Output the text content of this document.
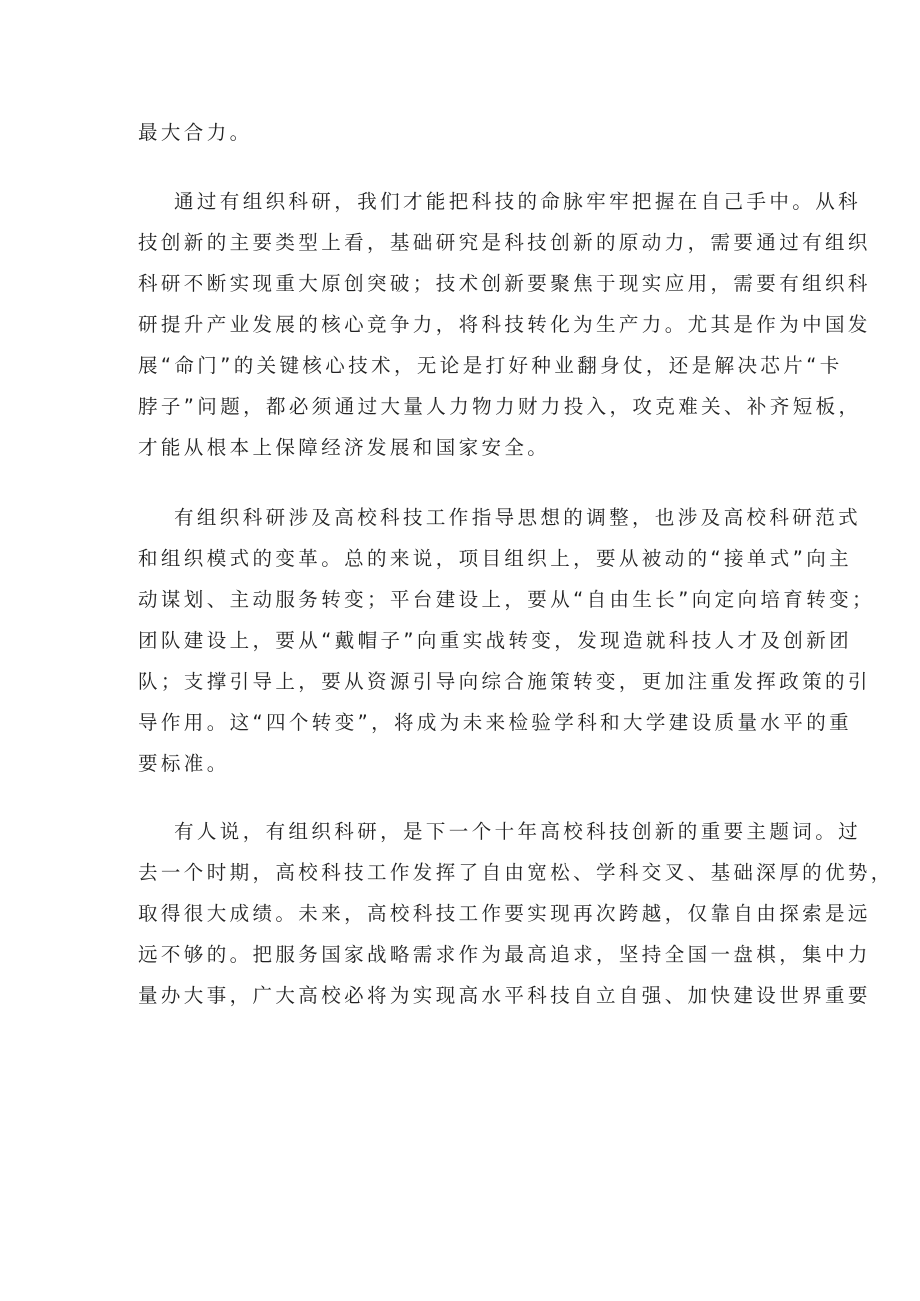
最大合力。
通过有组织科研，我们才能把科技的命脉牢牢把握在自己手中。从科
技创新的主要类型上看，基础研究是科技创新的原动力，需要通过有组织
科研不断实现重大原创突破；技术创新要聚焦于现实应用，需要有组织科
研提升产业发展的核心竞争力，将科技转化为生产力。尤其是作为中国发
展“命门”的关键核心技术，无论是打好种业翻身仗，还是解决芯片“卡
脖子”问题，都必须通过大量人力物力财力投入，攻克难关、补齐短板，
才能从根本上保障经济发展和国家安全。
有组织科研涉及高校科技工作指导思想的调整，也涉及高校科研范式
和组织模式的变革。总的来说，项目组织上，要从被动的“接单式”向主
动谋划、主动服务转变；平台建设上，要从“自由生长”向定向培育转变；
团队建设上，要从“戴帽子”向重实战转变，发现造就科技人才及创新团
队；支撑引导上，要从资源引导向综合施策转变，更加注重发挥政策的引
导作用。这“四个转变”，将成为未来检验学科和大学建设质量水平的重
要标准。
有人说，有组织科研，是下一个十年高校科技创新的重要主题词。过
去一个时期，高校科技工作发挥了自由宽松、学科交叉、基础深厚的优势，
取得很大成绩。未来，高校科技工作要实现再次跨越，仅靠自由探索是远
远不够的。把服务国家战略需求作为最高追求，坚持全国一盘棋，集中力
量办大事，广大高校必将为实现高水平科技自立自强、加快建设世界重要
